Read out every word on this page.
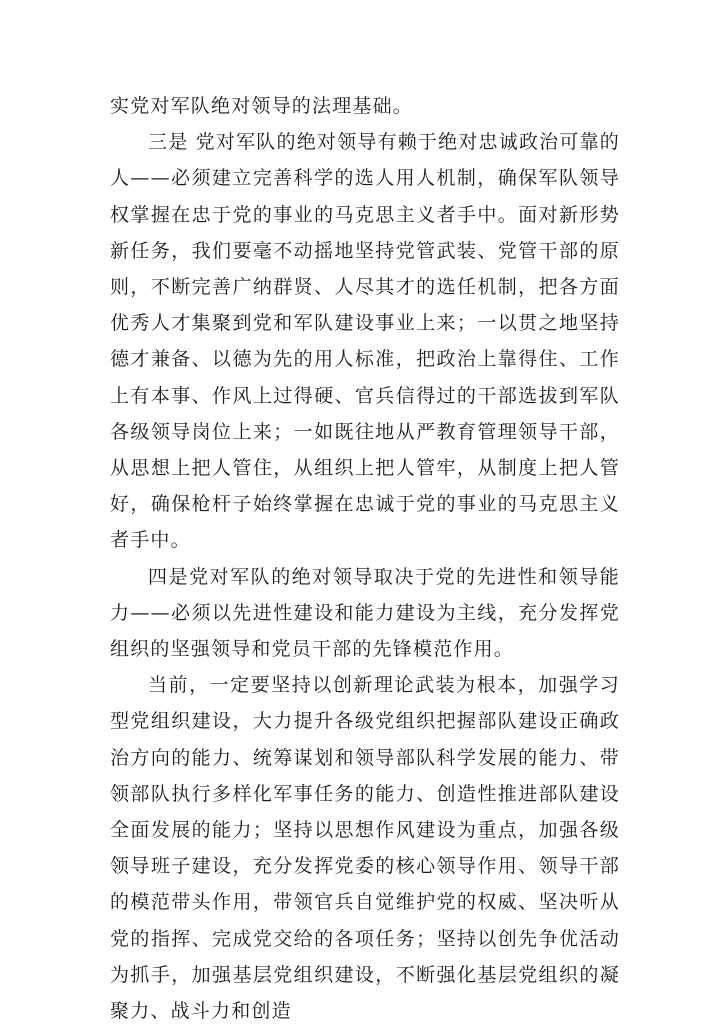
实党对军队绝对领导的法理基础。

三是 党对军队的绝对领导有赖于绝对忠诚政治可靠的人——必须建立完善科学的选人用人机制，确保军队领导权掌握在忠于党的事业的马克思主义者手中。面对新形势新任务，我们要毫不动摇地坚持党管武装、党管干部的原则，不断完善广纳群贤、人尽其才的选任机制，把各方面优秀人才集聚到党和军队建设事业上来；一以贯之地坚持德才兼备、以德为先的用人标准，把政治上靠得住、工作上有本事、作风上过得硬、官兵信得过的干部选拔到军队各级领导岗位上来；一如既往地从严教育管理领导干部，从思想上把人管住，从组织上把人管牢，从制度上把人管好，确保枪杆子始终掌握在忠诚于党的事业的马克思主义者手中。

四是党对军队的绝对领导取决于党的先进性和领导能力——必须以先进性建设和能力建设为主线，充分发挥党组织的坚强领导和党员干部的先锋模范作用。

当前，一定要坚持以创新理论武装为根本，加强学习型党组织建设，大力提升各级党组织把握部队建设正确政治方向的能力、统筹谋划和领导部队科学发展的能力、带领部队执行多样化军事任务的能力、创造性推进部队建设全面发展的能力；坚持以思想作风建设为重点，加强各级领导班子建设，充分发挥党委的核心领导作用、领导干部的模范带头作用，带领官兵自觉维护党的权威、坚决听从党的指挥、完成党交给的各项任务；坚持以创先争优活动为抓手，加强基层党组织建设，不断强化基层党组织的凝聚力、战斗力和创造
